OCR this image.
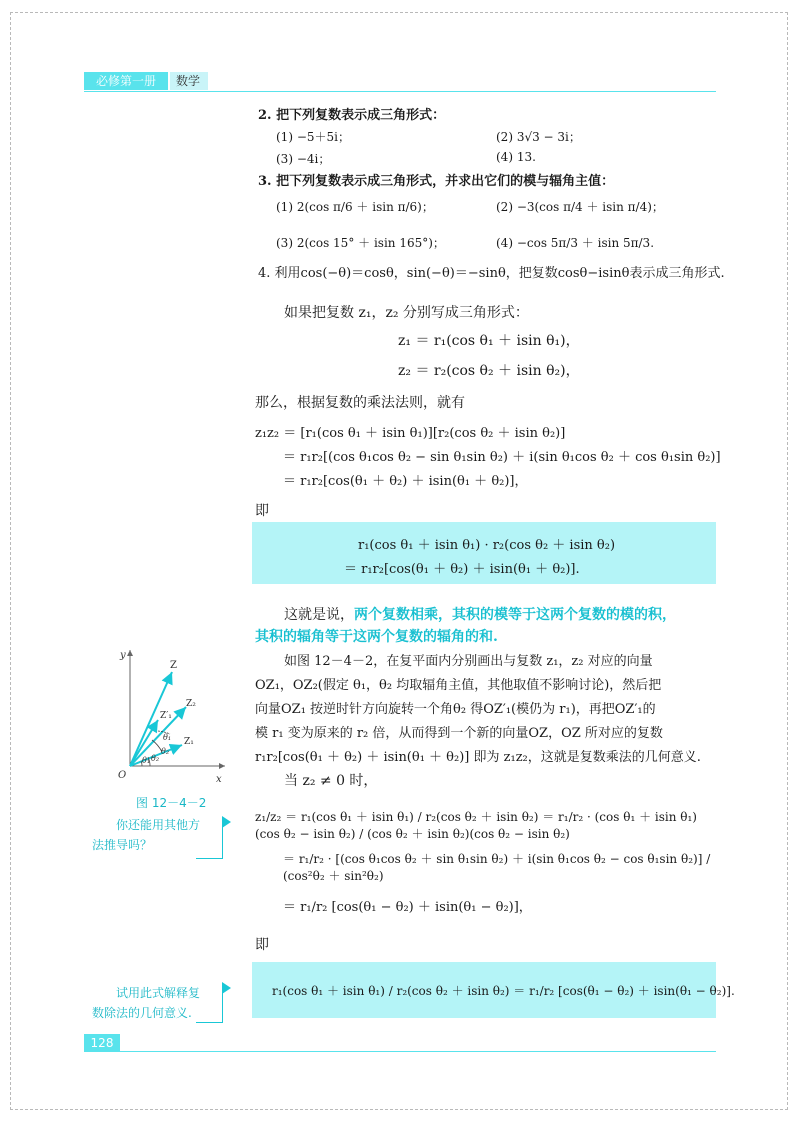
必修第一册	数学
2. 把下列复数表示成三角形式：
(1) −5＋5i；	(2) 3√3 − 3i；
(3) −4i；	(4) 13.
3. 把下列复数表示成三角形式，并求出它们的模与辐角主值：
(1) 2(cos π/6 ＋ isin π/6)；	(2) −3(cos π/4 ＋ isin π/4)；
(3) 2(cos 15° ＋ isin 165°)；	(4) −cos 5π/3 ＋ isin 5π/3.
4. 利用cos(−θ)＝cosθ，sin(−θ)＝−sinθ，把复数cosθ−isinθ表示成三角形式.
如果把复数 z₁，z₂ 分别写成三角形式：
z₁ ＝ r₁(cos θ₁ ＋ isin θ₁)，
z₂ ＝ r₂(cos θ₂ ＋ isin θ₂)，
那么，根据复数的乘法法则，就有
z₁z₂ ＝ [r₁(cos θ₁ ＋ isin θ₁)][r₂(cos θ₂ ＋ isin θ₂)]
＝ r₁r₂[(cos θ₁cos θ₂ − sin θ₁sin θ₂) ＋ i(sin θ₁cos θ₂ ＋ cos θ₁sin θ₂)]
＝ r₁r₂[cos(θ₁ ＋ θ₂) ＋ isin(θ₁ ＋ θ₂)]，
即
r₁(cos θ₁ ＋ isin θ₁) · r₂(cos θ₂ ＋ isin θ₂)
＝ r₁r₂[cos(θ₁ ＋ θ₂) ＋ isin(θ₁ ＋ θ₂)].
这就是说，两个复数相乘，其积的模等于这两个复数的模的积，
其积的辐角等于这两个复数的辐角的和.
如图 12－4－2，在复平面内分别画出与复数 z₁，z₂ 对应的向量
OZ₁，OZ₂(假定 θ₁，θ₂ 均取辐角主值，其他取值不影响讨论)，然后把
向量OZ₁ 按逆时针方向旋转一个角θ₂ 得OZ′₁(模仍为 r₁)，再把OZ′₁的
模 r₁ 变为原来的 r₂ 倍，从而得到一个新的向量OZ，OZ 所对应的复数
r₁r₂[cos(θ₁ ＋ θ₂) ＋ isin(θ₁ ＋ θ₂)] 即为 z₁z₂，这就是复数乘法的几何意义.
当 z₂ ≠ 0 时，
z₁/z₂ ＝ r₁(cos θ₁ ＋ isin θ₁) / r₂(cos θ₂ ＋ isin θ₂) ＝ r₁/r₂ · (cos θ₁ ＋ isin θ₁)(cos θ₂ − isin θ₂) / (cos θ₂ ＋ isin θ₂)(cos θ₂ − isin θ₂)
＝ r₁/r₂ · [(cos θ₁cos θ₂ ＋ sin θ₁sin θ₂) ＋ i(sin θ₁cos θ₂ − cos θ₁sin θ₂)] / (cos²θ₂ ＋ sin²θ₂)
＝ r₁/r₂ [cos(θ₁ − θ₂) ＋ isin(θ₁ − θ₂)]，
即
r₁(cos θ₁ ＋ isin θ₁) / r₂(cos θ₂ ＋ isin θ₂) ＝ r₁/r₂ [cos(θ₁ − θ₂) ＋ isin(θ₁ − θ₂)].
y
x
O
Z
Z₂
Z′₁
Z₁
θ₁
θ₂
θ₁ θ₂
图 12－4－2
你还能用其他方
法推导吗？
试用此式解释复
数除法的几何意义.
128
